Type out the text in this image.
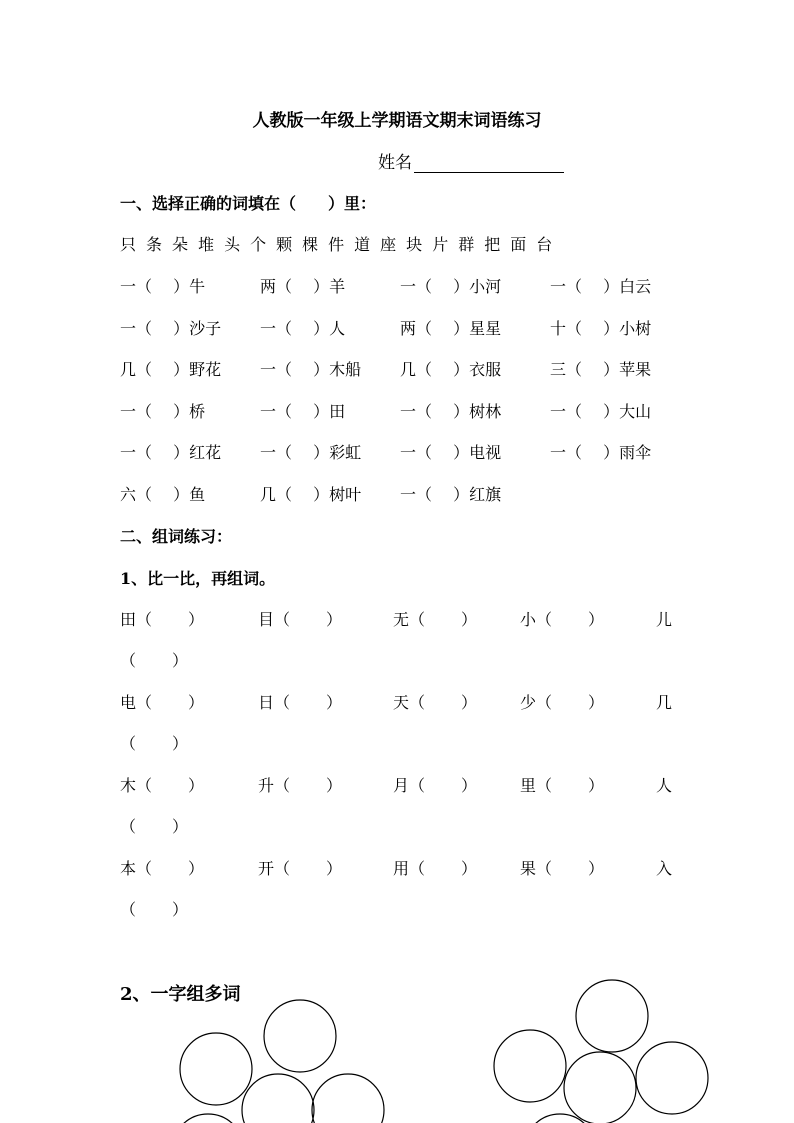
人教版一年级上学期语文期末词语练习
姓名
一、选择正确的词填在（　　）里：
只 条 朵 堆 头 个 颗 棵 件 道 座 块 片 群 把 面 台
一（　 ）牛	两（　 ）羊	一（　 ）小河	一（　 ）白云
一（　 ）沙子 一（　 ）人	两（　 ）星星	十（　 ）小树
几（　 ）野花 一（　 ）木船 几（　 ）衣服	三（　 ）苹果
一（　 ）桥	一（　 ）田	一（　 ）树林	一（　 ）大山
一（　 ）红花 一（　 ）彩虹 一（　 ）电视	一（　 ）雨伞
六（　 ）鱼	几（　 ）树叶 一（　 ）红旗
二、组词练习：
1、比一比，再组词。
田（ ）	目（ ）	无（ ）	小（ ）	儿
（ ）
电（ ）	日（ ）	天（ ）	少（ ）	几
（ ）
木（ ）	升（ ）	月（ ）	里（ ）	人
（ ）
本（ ）	开（ ）	用（ ）	果（ ）	入
（ ）
2、一字组多词
